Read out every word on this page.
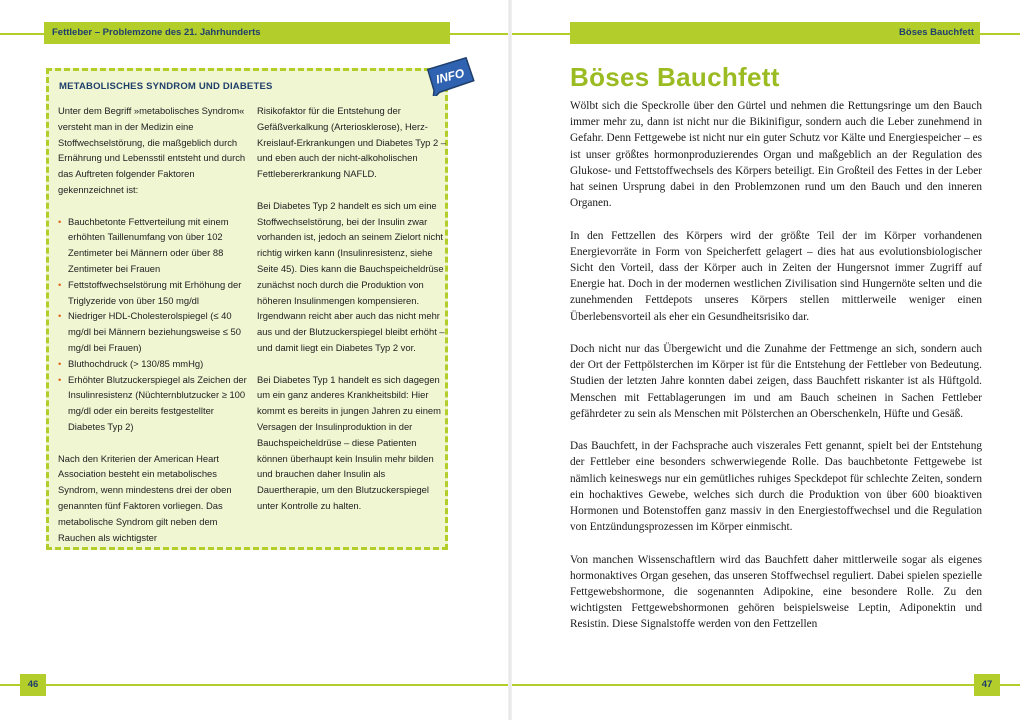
Fettleber – Problemzone des 21. Jahrhunderts
METABOLISCHES SYNDROM UND DIABETES

Unter dem Begriff »metabolisches Syndrom« versteht man in der Medizin eine Stoffwechselstörung, die maßgeblich durch Ernährung und Lebensstil entsteht und durch das Auftreten folgender Faktoren gekennzeichnet ist:

• Bauchbetonte Fettverteilung mit einem erhöhten Taillenumfang von über 102 Zentimeter bei Männern oder über 88 Zentimeter bei Frauen
• Fettstoffwechselstörung mit Erhöhung der Triglyzeride von über 150 mg/dl
• Niedriger HDL-Cholesterolspiegel (≤ 40 mg/dl bei Männern beziehungsweise ≤ 50 mg/dl bei Frauen)
• Bluthochdruck (> 130/85 mmHg)
• Erhöhter Blutzuckerspiegel als Zeichen der Insulinresistenz (Nüchternblutzucker ≥ 100 mg/dl oder ein bereits festgestellter Diabetes Typ 2)

Nach den Kriterien der American Heart Association besteht ein metabolisches Syndrom, wenn mindestens drei der oben genannten fünf Faktoren vorliegen. Das metabolische Syndrom gilt neben dem Rauchen als wichtigster

Risikofaktor für die Entstehung der Gefäßverkalkung (Arteriosklerose), Herz-Kreislauf-Erkrankungen und Diabetes Typ 2 – und eben auch der nicht-alkoholischen Fettlebererkrankung NAFLD.

Bei Diabetes Typ 2 handelt es sich um eine Stoffwechselstörung, bei der Insulin zwar vorhanden ist, jedoch an seinem Zielort nicht richtig wirken kann (Insulinresistenz, siehe Seite 45). Dies kann die Bauchspeicheldrüse zunächst noch durch die Produktion von höheren Insulinmengen kompensieren. Irgendwann reicht aber auch das nicht mehr aus und der Blutzuckerspiegel bleibt erhöht – und damit liegt ein Diabetes Typ 2 vor.

Bei Diabetes Typ 1 handelt es sich dagegen um ein ganz anderes Krankheitsbild: Hier kommt es bereits in jungen Jahren zu einem Versagen der Insulinproduktion in der Bauchspeicheldrüse – diese Patienten können überhaupt kein Insulin mehr bilden und brauchen daher Insulin als Dauertherapie, um den Blutzuckerspiegel unter Kontrolle zu halten.

INFO
46
Böses Bauchfett
Böses Bauchfett

Wölbt sich die Speckrolle über den Gürtel und nehmen die Rettungsringe um den Bauch immer mehr zu, dann ist nicht nur die Bikinifigur, sondern auch die Leber zunehmend in Gefahr. Denn Fettgewebe ist nicht nur ein guter Schutz vor Kälte und Energiespeicher – es ist unser größtes hormonproduzierendes Organ und maßgeblich an der Regulation des Glukose- und Fettstoffwechsels des Körpers beteiligt. Ein Großteil des Fettes in der Leber hat seinen Ursprung dabei in den Problemzonen rund um den Bauch und den inneren Organen.

In den Fettzellen des Körpers wird der größte Teil der im Körper vorhandenen Energievorräte in Form von Speicherfett gelagert – dies hat aus evolutionsbiologischer Sicht den Vorteil, dass der Körper auch in Zeiten der Hungersnot immer Zugriff auf Energie hat. Doch in der modernen westlichen Zivilisation sind Hungernöte selten und die zunehmenden Fettdepots unseres Körpers stellen mittlerweile weniger einen Überlebensvorteil als eher ein Gesundheitsrisiko dar.

Doch nicht nur das Übergewicht und die Zunahme der Fettmenge an sich, sondern auch der Ort der Fettpölsterchen im Körper ist für die Entstehung der Fettleber von Bedeutung. Studien der letzten Jahre konnten dabei zeigen, dass Bauchfett riskanter ist als Hüftgold. Menschen mit Fettablagerungen im und am Bauch scheinen in Sachen Fettleber gefährdeter zu sein als Menschen mit Pölsterchen an Oberschenkeln, Hüfte und Gesäß.

Das Bauchfett, in der Fachsprache auch viszerales Fett genannt, spielt bei der Entstehung der Fettleber eine besonders schwerwiegende Rolle. Das bauchbetonte Fettgewebe ist nämlich keineswegs nur ein gemütliches ruhiges Speckdepot für schlechte Zeiten, sondern ein hochaktives Gewebe, welches sich durch die Produktion von über 600 bioaktiven Hormonen und Botenstoffen ganz massiv in den Energiestoffwechsel und die Regulation von Entzündungsprozessen im Körper einmischt.

Von manchen Wissenschaftlern wird das Bauchfett daher mittlerweile sogar als eigenes hormonaktives Organ gesehen, das unseren Stoffwechsel reguliert. Dabei spielen spezielle Fettgewebshormone, die sogenannten Adipokine, eine besondere Rolle. Zu den wichtigsten Fettgewebshormonen gehören beispielsweise Leptin, Adiponektin und Resistin. Diese Signalstoffe werden von den Fettzellen

47
